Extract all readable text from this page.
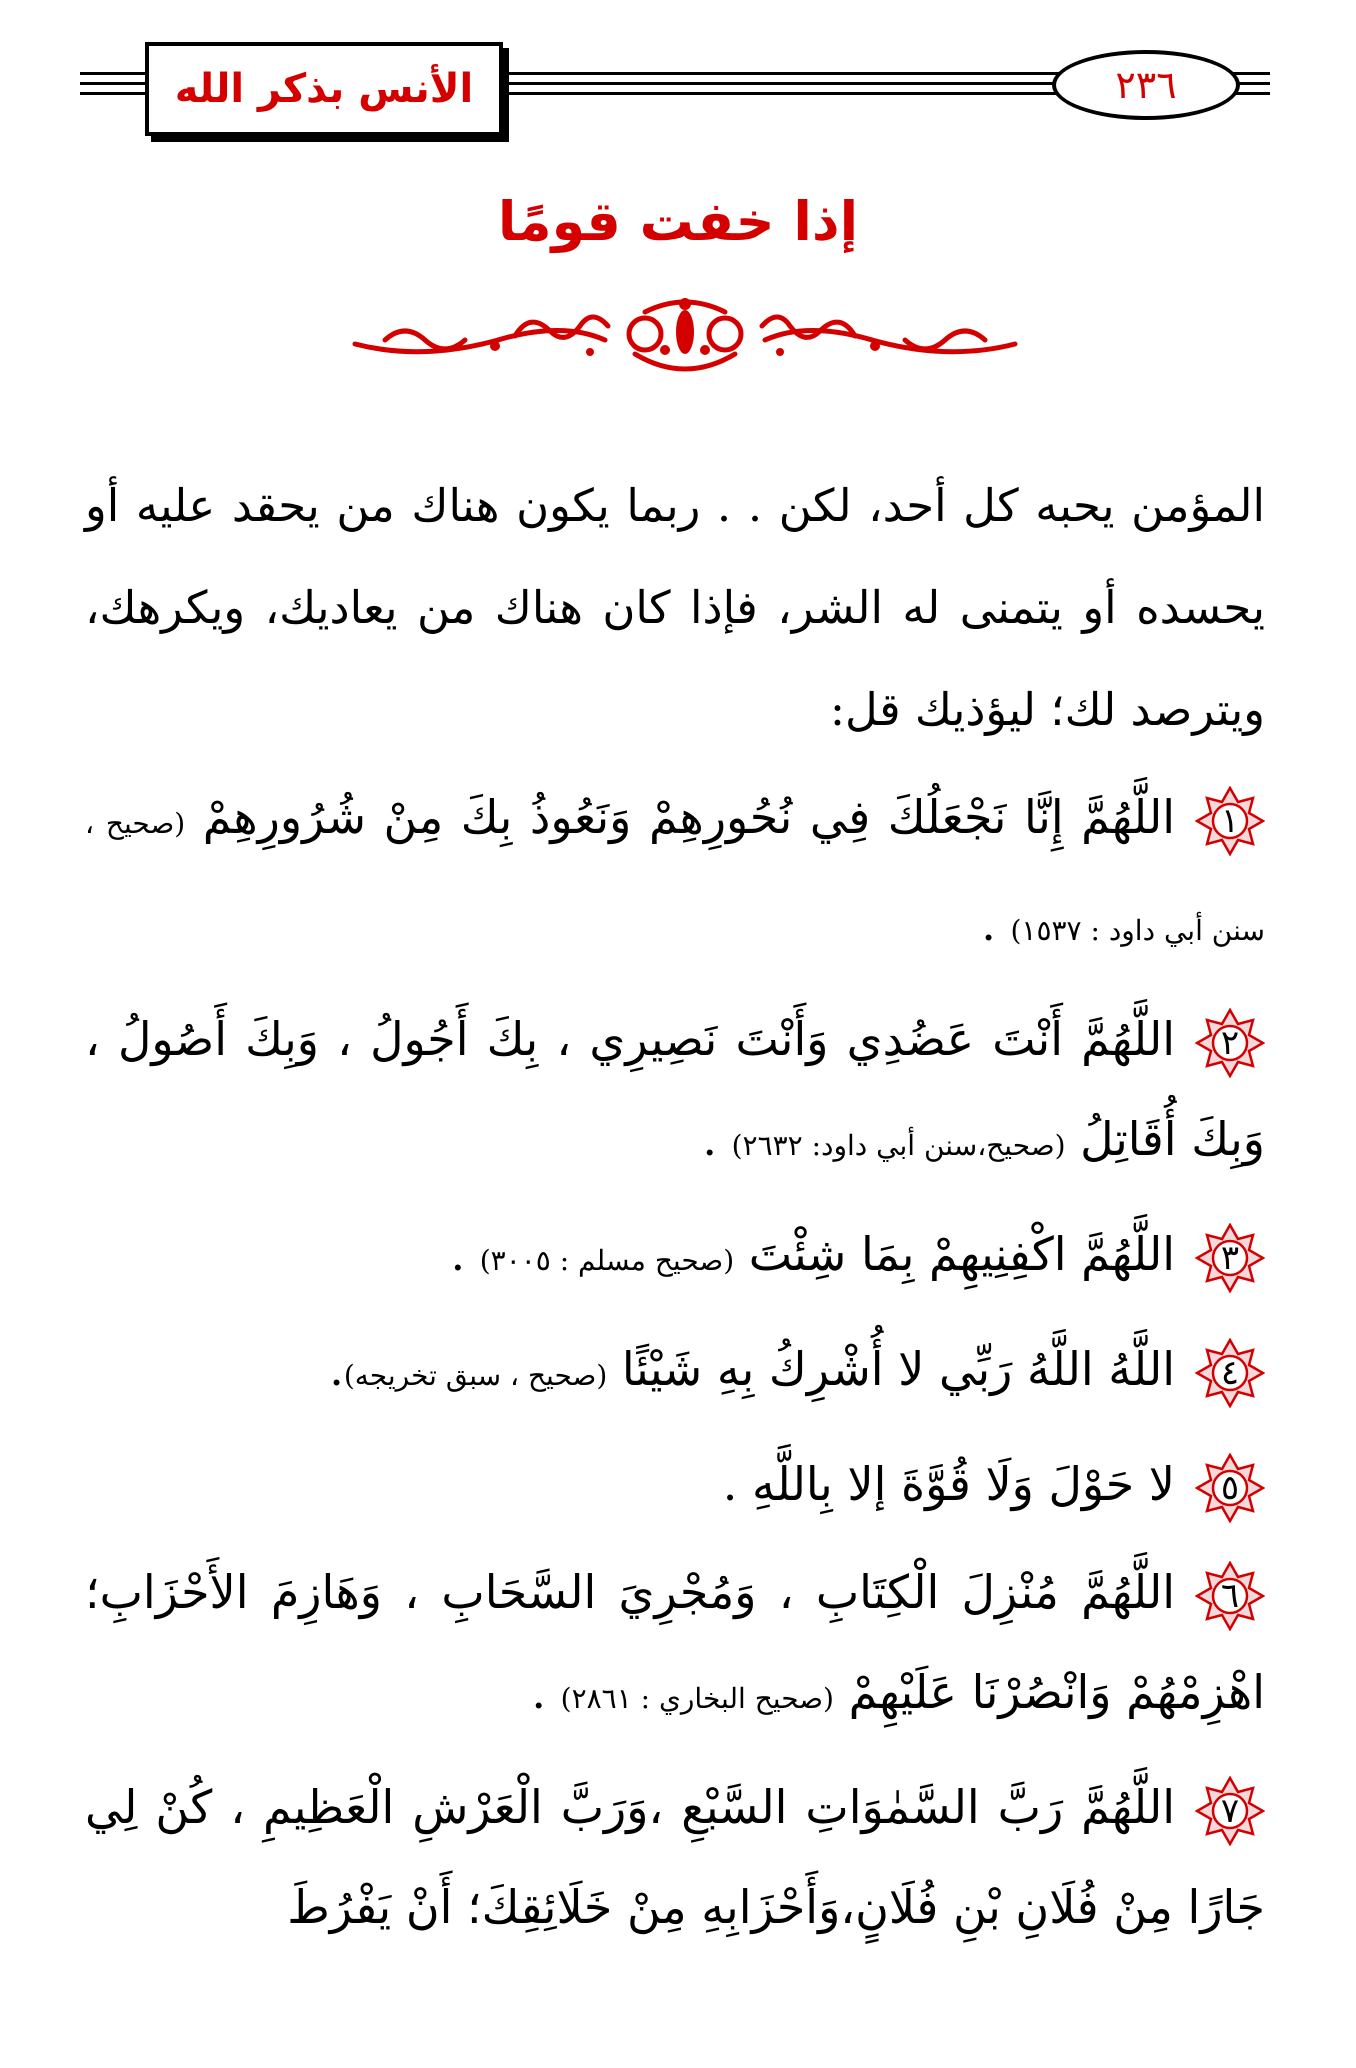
الأنس بذكر الله	٢٣٦
إذا خفت قومًا

المؤمن يحبه كل أحد، لكن . . ربما يكون هناك من يحقد عليه أو يحسده أو يتمنى له الشر، فإذا كان هناك من يعاديك، ويكرهك، ويترصد لك؛ ليؤذيك قل:

١
اللَّهُمَّ إِنَّا نَجْعَلُكَ فِي نُحُورِهِمْ وَنَعُوذُ بِكَ مِنْ شُرُورِهِمْ (صحيح ، سنن أبي داود : ١٥٣٧) .

٢
اللَّهُمَّ أَنْتَ عَضُدِي وَأَنْتَ نَصِيرِي ، بِكَ أَجُولُ ، وَبِكَ أَصُولُ ، وَبِكَ أُقَاتِلُ (صحيح،سنن أبي داود: ٢٦٣٢) .

٣
اللَّهُمَّ اكْفِنِيهِمْ بِمَا شِئْتَ (صحيح مسلم : ٣٠٠٥) .

٤
اللَّهُ اللَّهُ رَبِّي لا أُشْرِكُ بِهِ شَيْئًا (صحيح ، سبق تخريجه).

٥
لا حَوْلَ وَلَا قُوَّةَ إلا بِاللَّهِ .

٦
اللَّهُمَّ مُنْزِلَ الْكِتَابِ ، وَمُجْرِيَ السَّحَابِ ، وَهَازِمَ الأَحْزَابِ؛ اهْزِمْهُمْ وَانْصُرْنَا عَلَيْهِمْ (صحيح البخاري : ٢٨٦١) .

٧
اللَّهُمَّ رَبَّ السَّمٰوَاتِ السَّبْعِ ،وَرَبَّ الْعَرْشِ الْعَظِيمِ ، كُنْ لِي جَارًا مِنْ فُلَانِ بْنِ فُلَانٍ،وَأَحْزَابِهِ مِنْ خَلَائِقِكَ؛ أَنْ يَفْرُطَ
